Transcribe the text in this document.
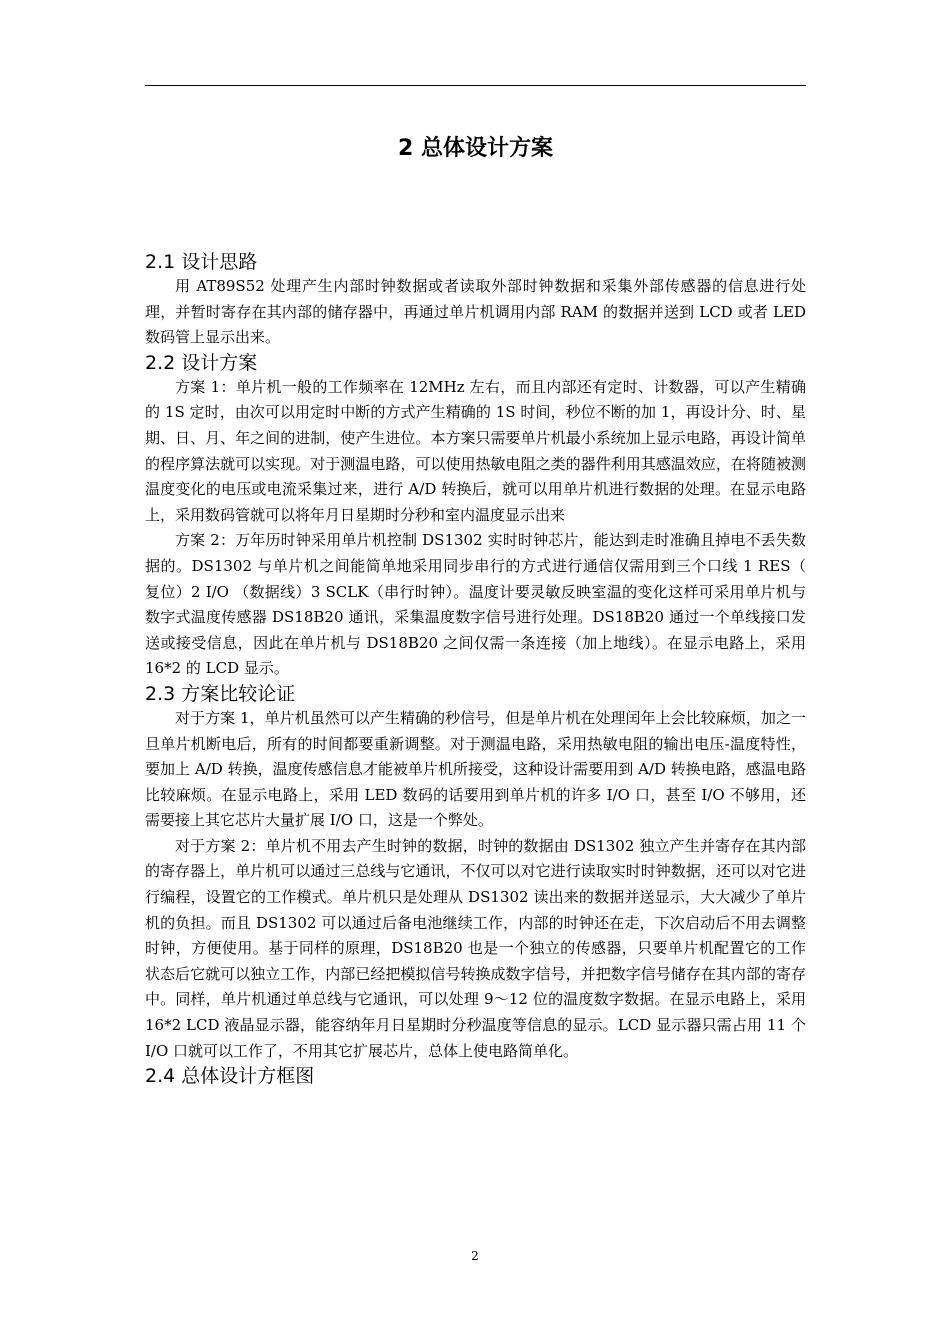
2 总体设计方案
2.1 设计思路

用 AT89S52 处理产生内部时钟数据或者读取外部时钟数据和采集外部传感器的信息进行处理，并暂时寄存在其内部的储存器中，再通过单片机调用内部 RAM 的数据并送到 LCD 或者 LED 数码管上显示出来。

2.2 设计方案

方案 1：单片机一般的工作频率在 12MHz 左右，而且内部还有定时、计数器，可以产生精确的 1S 定时，由次可以用定时中断的方式产生精确的 1S 时间，秒位不断的加 1，再设计分、时、星期、日、月、年之间的进制，使产生进位。本方案只需要单片机最小系统加上显示电路，再设计简单的程序算法就可以实现。对于测温电路，可以使用热敏电阻之类的器件利用其感温效应，在将随被测温度变化的电压或电流采集过来，进行 A/D 转换后，就可以用单片机进行数据的处理。在显示电路上，采用数码管就可以将年月日星期时分秒和室内温度显示出来

方案 2：万年历时钟采用单片机控制 DS1302 实时时钟芯片，能达到走时准确且掉电不丢失数据的。DS1302 与单片机之间能简单地采用同步串行的方式进行通信仅需用到三个口线 1 RES（ 复位）2 I/O （数据线）3 SCLK（串行时钟）。温度计要灵敏反映室温的变化这样可采用单片机与数字式温度传感器 DS18B20 通讯，采集温度数字信号进行处理。DS18B20 通过一个单线接口发送或接受信息，因此在单片机与 DS18B20 之间仅需一条连接（加上地线）。在显示电路上，采用 16*2 的 LCD 显示。

2.3 方案比较论证

对于方案 1，单片机虽然可以产生精确的秒信号，但是单片机在处理闰年上会比较麻烦，加之一旦单片机断电后，所有的时间都要重新调整。对于测温电路，采用热敏电阻的输出电压-温度特性，要加上 A/D 转换，温度传感信息才能被单片机所接受，这种设计需要用到 A/D 转换电路，感温电路比较麻烦。在显示电路上，采用 LED 数码的话要用到单片机的许多 I/O 口，甚至 I/O 不够用，还需要接上其它芯片大量扩展 I/O 口，这是一个弊处。

对于方案 2：单片机不用去产生时钟的数据，时钟的数据由 DS1302 独立产生并寄存在其内部的寄存器上，单片机可以通过三总线与它通讯，不仅可以对它进行读取实时时钟数据，还可以对它进行编程，设置它的工作模式。单片机只是处理从 DS1302 读出来的数据并送显示，大大减少了单片机的负担。而且 DS1302 可以通过后备电池继续工作，内部的时钟还在走，下次启动后不用去调整时钟，方便使用。基于同样的原理，DS18B20 也是一个独立的传感器，只要单片机配置它的工作状态后它就可以独立工作，内部已经把模拟信号转换成数字信号，并把数字信号储存在其内部的寄存中。同样，单片机通过单总线与它通讯，可以处理 9～12 位的温度数字数据。在显示电路上，采用 16*2 LCD 液晶显示器，能容纳年月日星期时分秒温度等信息的显示。LCD 显示器只需占用 11 个 I/O 口就可以工作了，不用其它扩展芯片，总体上使电路简单化。

2.4 总体设计方框图
2
